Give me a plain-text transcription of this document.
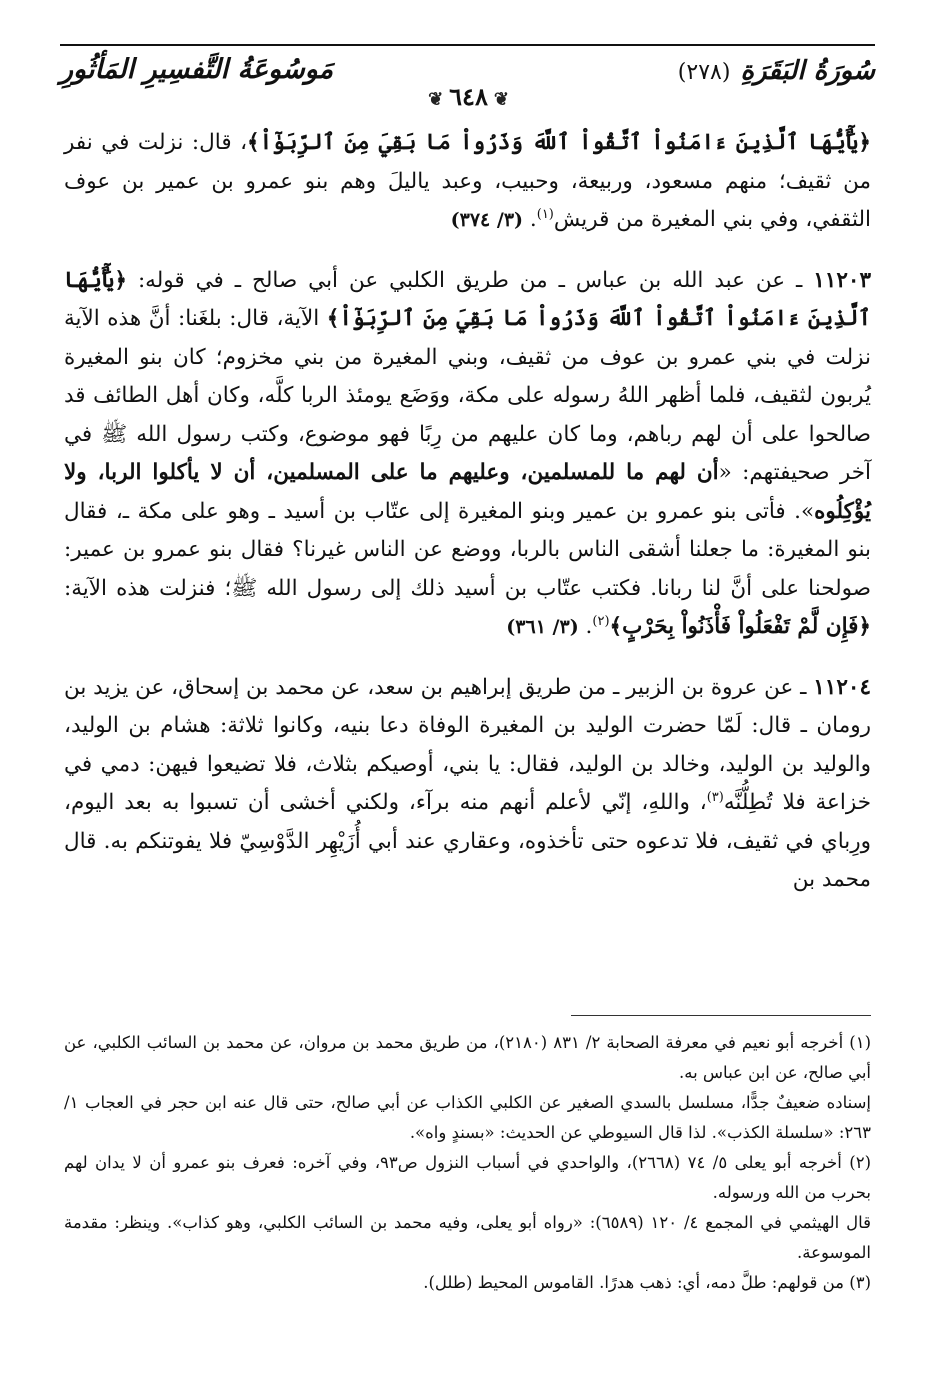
سُورَةُ البَقَرَةِ
(٢٧٨)
مَوسُوعَةُ التَّفسِيرِ المَأثُورِ
❦٦٤٨❦

﴿يَٰٓأَيُّهَا ٱلَّذِينَ ءَامَنُواْ ٱتَّقُواْ ٱللَّهَ وَذَرُواْ مَا بَقِيَ مِنَ ٱلرِّبَوٰٓاْ﴾، قال: نزلت في نفر من ثقيف؛ منهم مسعود، وربيعة، وحبيب، وعبد ياليلَ وهم بنو عمرو بن عمير بن عوف الثقفي، وفي بني المغيرة من قريش$^{(١)}$. (٣/ ٣٧٤)

١١٢٠٣ ـ عن عبد الله بن عباس ـ من طريق الكلبي عن أبي صالح ـ في قوله: ﴿يَٰٓأَيُّهَا ٱلَّذِينَ ءَامَنُواْ ٱتَّقُواْ ٱللَّهَ وَذَرُواْ مَا بَقِيَ مِنَ ٱلرِّبَوٰٓاْ﴾ الآية، قال: بلغَنا: أنَّ هذه الآية نزلت في بني عمرو بن عوف من ثقيف، وبني المغيرة من بني مخزوم؛ كان بنو المغيرة يُربون لثقيف، فلما أظهر اللهُ رسوله على مكة، ووَضَع يومئذ الربا كلَّه، وكان أهل الطائف قد صالحوا على أن لهم رباهم، وما كان عليهم من رِبًا فهو موضوع، وكتب رسول الله ﷺ في آخر صحيفتهم: «أن لهم ما للمسلمين، وعليهم ما على المسلمين، أن لا يأكلوا الربا، ولا يُؤْكِلُوه». فأتى بنو عمرو بن عمير وبنو المغيرة إلى عتّاب بن أسيد ـ وهو على مكة ـ، فقال بنو المغيرة: ما جعلنا أشقى الناس بالربا، ووضع عن الناس غيرنا؟ فقال بنو عمرو بن عمير: صولحنا على أنَّ لنا ربانا. فكتب عتّاب بن أسيد ذلك إلى رسول الله ﷺ؛ فنزلت هذه الآية: ﴿فَإِن لَّمْ تَفْعَلُواْ فَأْذَنُواْ بِحَرْبٍ﴾$^{(٢)}$. (٣/ ٣٦١)

١١٢٠٤ ـ عن عروة بن الزبير ـ من طريق إبراهيم بن سعد، عن محمد بن إسحاق، عن يزيد بن رومان ـ قال: لَمّا حضرت الوليد بن المغيرة الوفاة دعا بنيه، وكانوا ثلاثة: هشام بن الوليد، والوليد بن الوليد، وخالد بن الوليد، فقال: يا بني، أوصيكم بثلاث، فلا تضيعوا فيهن: دمي في خزاعة فلا تُطِلُّنَّه$^{(٣)}$، واللهِ، إنّي لأعلم أنهم منه برآء، ولكني أخشى أن تسبوا به بعد اليوم، ورِباي في ثقيف، فلا تدعوه حتى تأخذوه، وعقاري عند أبي أُزَيْهِر الدَّوْسِيّ فلا يفوتنكم به. قال محمد بن

(١) أخرجه أبو نعيم في معرفة الصحابة ٢/ ٨٣١ (٢١٨٠)، من طريق محمد بن مروان، عن محمد بن السائب الكلبي، عن أبي صالح، عن ابن عباس به.

إسناده ضعيفٌ جدًّا، مسلسل بالسدي الصغير عن الكلبي الكذاب عن أبي صالح، حتى قال عنه ابن حجر في العجاب ١/ ٢٦٣: «سلسلة الكذب». لذا قال السيوطي عن الحديث: «بسندٍ واه».

(٢) أخرجه أبو يعلى ٥/ ٧٤ (٢٦٦٨)، والواحدي في أسباب النزول ص٩٣، وفي آخره: فعرف بنو عمرو أن لا يدان لهم بحرب من الله ورسوله.

قال الهيثمي في المجمع ٤/ ١٢٠ (٦٥٨٩): «رواه أبو يعلى، وفيه محمد بن السائب الكلبي، وهو كذاب». وينظر: مقدمة الموسوعة.

(٣) من قولهم: طلَّ دمه، أي: ذهب هدرًا. القاموس المحيط (طلل).
